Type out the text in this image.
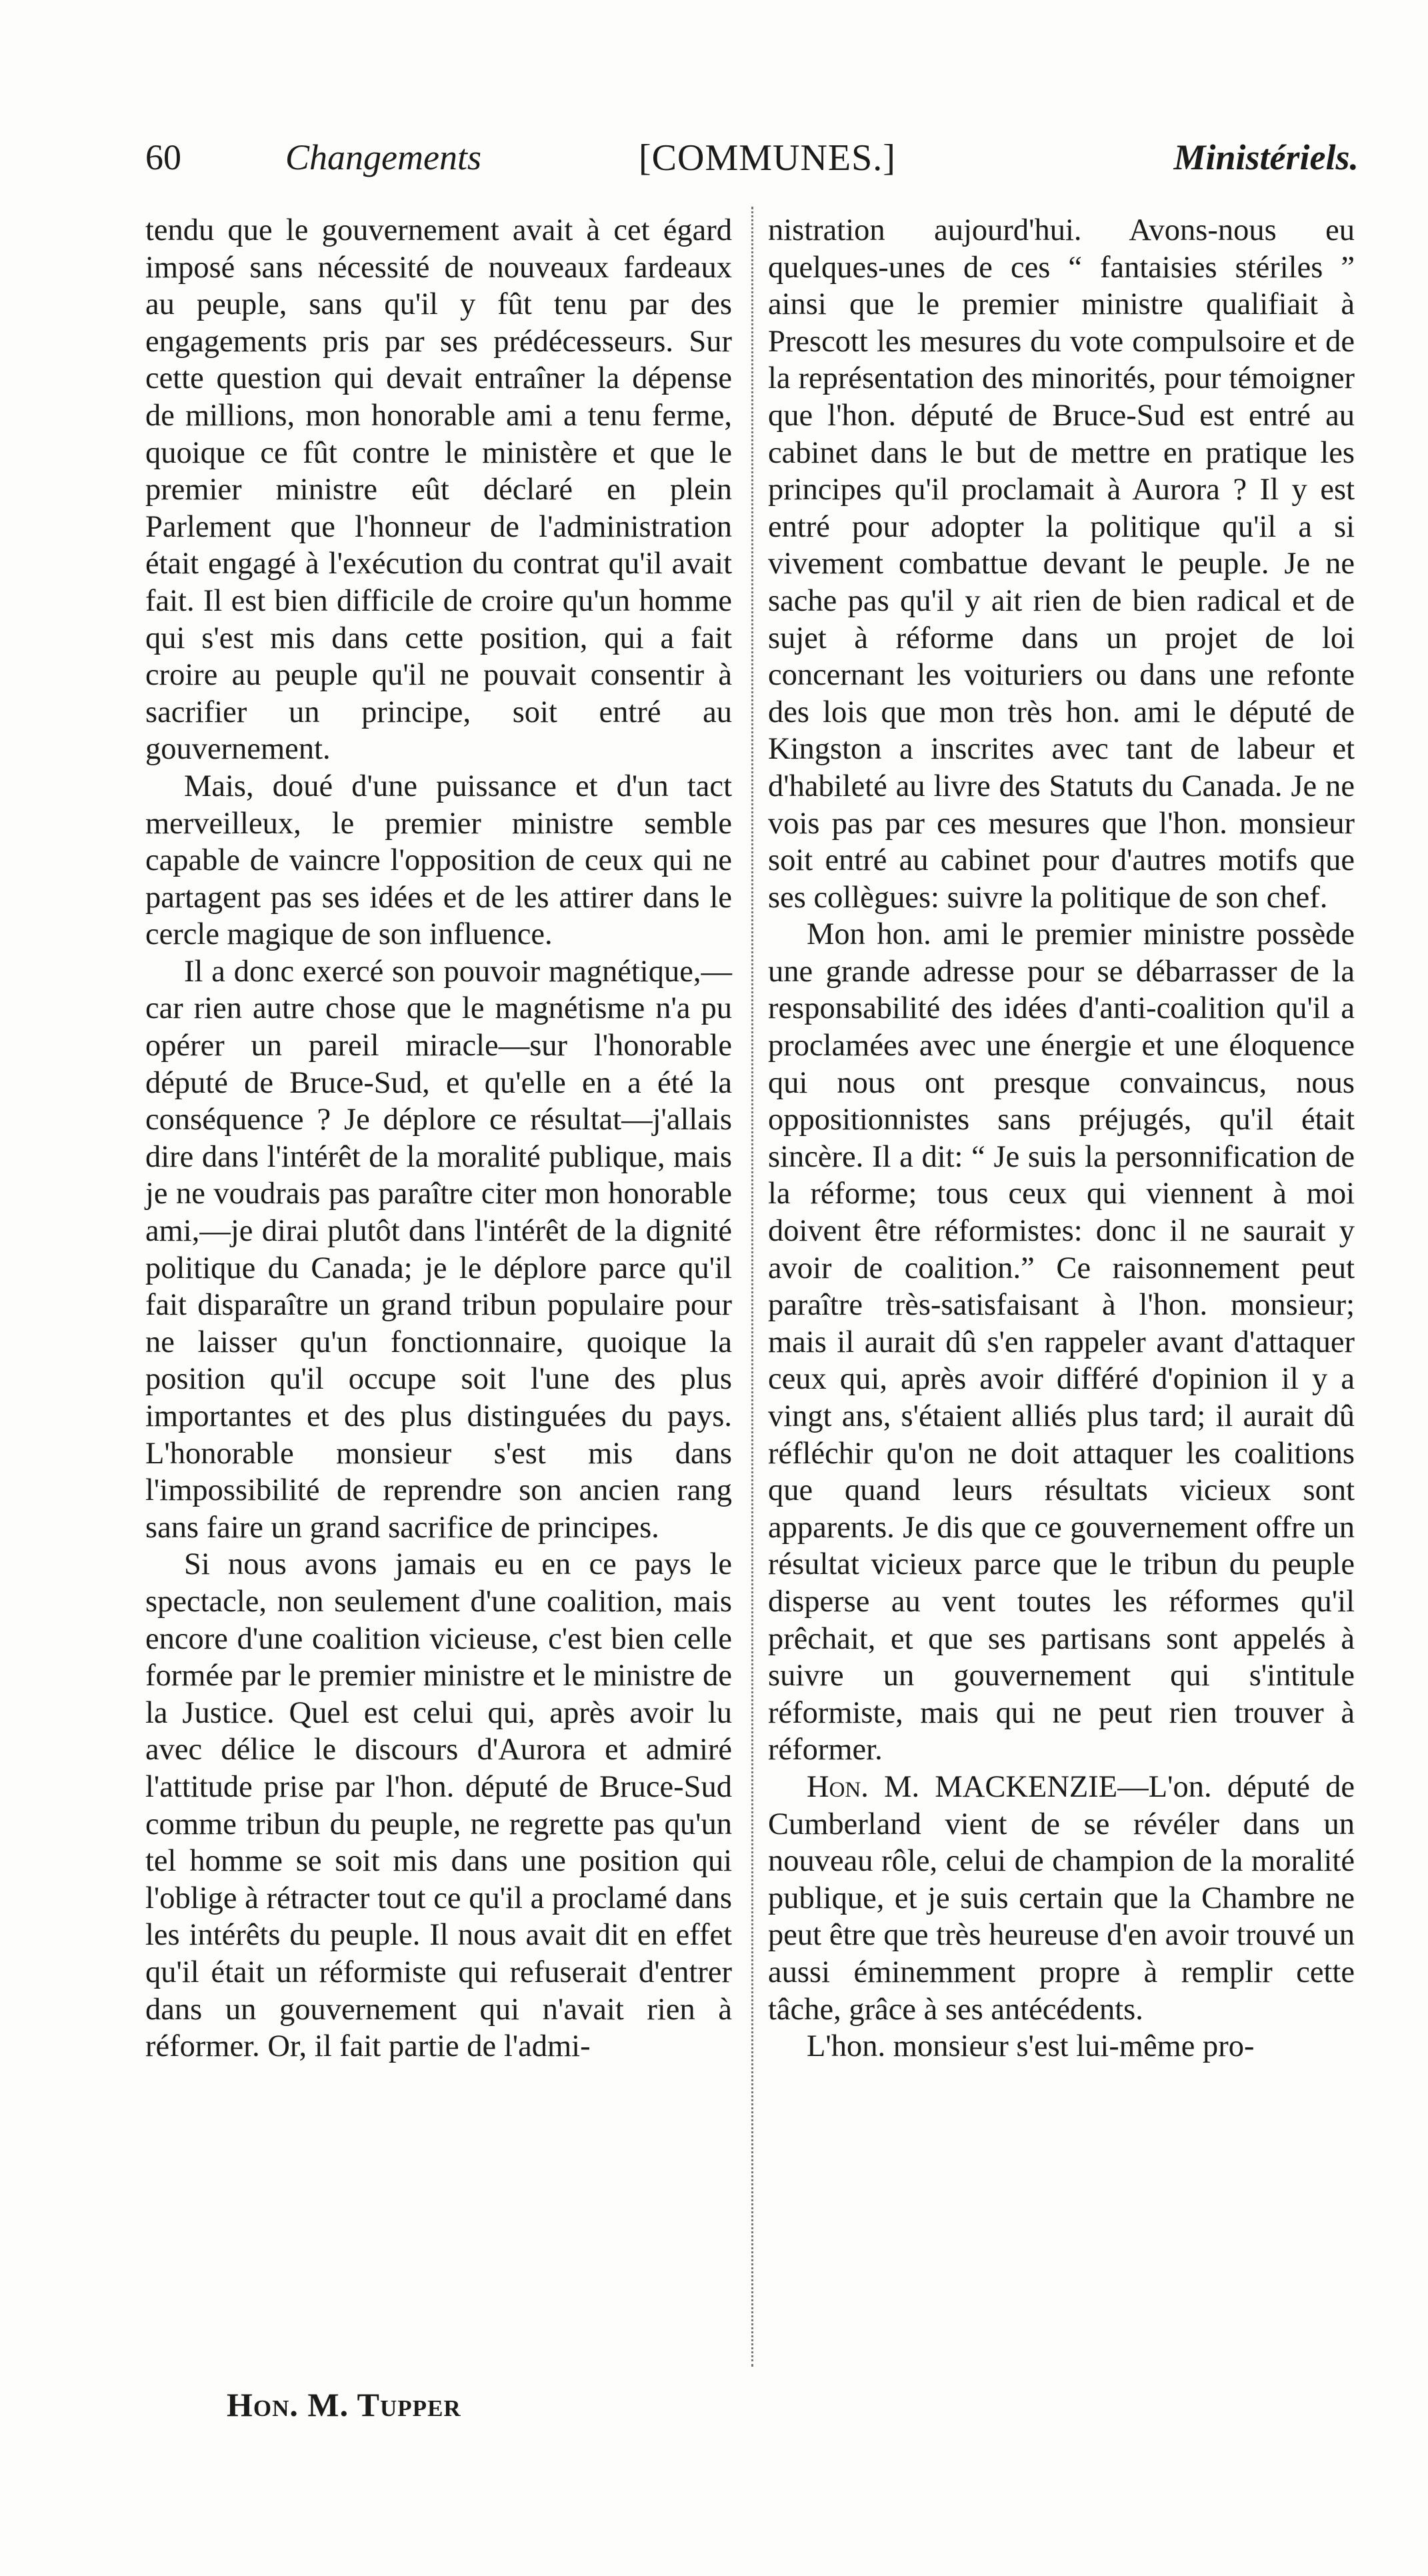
60	Changements	[COMMUNES.]	Ministériels.

tendu que le gouvernement avait à cet égard imposé sans nécessité de nouveaux fardeaux au peuple, sans qu'il y fût tenu par des engagements pris par ses prédécesseurs. Sur cette question qui devait entraîner la dépense de millions, mon honorable ami a tenu ferme, quoique ce fût contre le ministère et que le premier ministre eût déclaré en plein Parlement que l'honneur de l'administration était engagé à l'exécution du contrat qu'il avait fait. Il est bien difficile de croire qu'un homme qui s'est mis dans cette position, qui a fait croire au peuple qu'il ne pouvait consentir à sacrifier un principe, soit entré au gouvernement.

Mais, doué d'une puissance et d'un tact merveilleux, le premier ministre semble capable de vaincre l'opposition de ceux qui ne partagent pas ses idées et de les attirer dans le cercle magique de son influence.

Il a donc exercé son pouvoir magnétique,—car rien autre chose que le magnétisme n'a pu opérer un pareil miracle—sur l'honorable député de Bruce-Sud, et qu'elle en a été la conséquence ? Je déplore ce résultat—j'allais dire dans l'intérêt de la moralité publique, mais je ne voudrais pas paraître citer mon honorable ami,—je dirai plutôt dans l'intérêt de la dignité politique du Canada; je le déplore parce qu'il fait disparaître un grand tribun populaire pour ne laisser qu'un fonctionnaire, quoique la position qu'il occupe soit l'une des plus importantes et des plus distinguées du pays. L'honorable monsieur s'est mis dans l'impossibilité de reprendre son ancien rang sans faire un grand sacrifice de principes.

Si nous avons jamais eu en ce pays le spectacle, non seulement d'une coalition, mais encore d'une coalition vicieuse, c'est bien celle formée par le premier ministre et le ministre de la Justice. Quel est celui qui, après avoir lu avec délice le discours d'Aurora et admiré l'attitude prise par l'hon. député de Bruce-Sud comme tribun du peuple, ne regrette pas qu'un tel homme se soit mis dans une position qui l'oblige à rétracter tout ce qu'il a proclamé dans les intérêts du peuple. Il nous avait dit en effet qu'il était un réformiste qui refuserait d'entrer dans un gouvernement qui n'avait rien à réformer. Or, il fait partie de l'admi-

nistration aujourd'hui. Avons-nous eu quelques-unes de ces “ fantaisies stériles ” ainsi que le premier ministre qualifiait à Prescott les mesures du vote compulsoire et de la représentation des minorités, pour témoigner que l'hon. député de Bruce-Sud est entré au cabinet dans le but de mettre en pratique les principes qu'il proclamait à Aurora ? Il y est entré pour adopter la politique qu'il a si vivement combattue devant le peuple. Je ne sache pas qu'il y ait rien de bien radical et de sujet à réforme dans un projet de loi concernant les voituriers ou dans une refonte des lois que mon très hon. ami le député de Kingston a inscrites avec tant de labeur et d'habileté au livre des Statuts du Canada. Je ne vois pas par ces mesures que l'hon. monsieur soit entré au cabinet pour d'autres motifs que ses collègues: suivre la politique de son chef.

Mon hon. ami le premier ministre possède une grande adresse pour se débarrasser de la responsabilité des idées d'anti-coalition qu'il a proclamées avec une énergie et une éloquence qui nous ont presque convaincus, nous oppositionnistes sans préjugés, qu'il était sincère. Il a dit: “ Je suis la personnification de la réforme; tous ceux qui viennent à moi doivent être réformistes: donc il ne saurait y avoir de coalition.” Ce raisonnement peut paraître très-satisfaisant à l'hon. monsieur; mais il aurait dû s'en rappeler avant d'attaquer ceux qui, après avoir différé d'opinion il y a vingt ans, s'étaient alliés plus tard; il aurait dû réfléchir qu'on ne doit attaquer les coalitions que quand leurs résultats vicieux sont apparents. Je dis que ce gouvernement offre un résultat vicieux parce que le tribun du peuple disperse au vent toutes les réformes qu'il prêchait, et que ses partisans sont appelés à suivre un gouvernement qui s'intitule réformiste, mais qui ne peut rien trouver à réformer.

Hon. M. MACKENZIE—L'on. député de Cumberland vient de se révéler dans un nouveau rôle, celui de champion de la moralité publique, et je suis certain que la Chambre ne peut être que très heureuse d'en avoir trouvé un aussi éminemment propre à remplir cette tâche, grâce à ses antécédents.

L'hon. monsieur s'est lui-même pro-

Hon. M. Tupper
